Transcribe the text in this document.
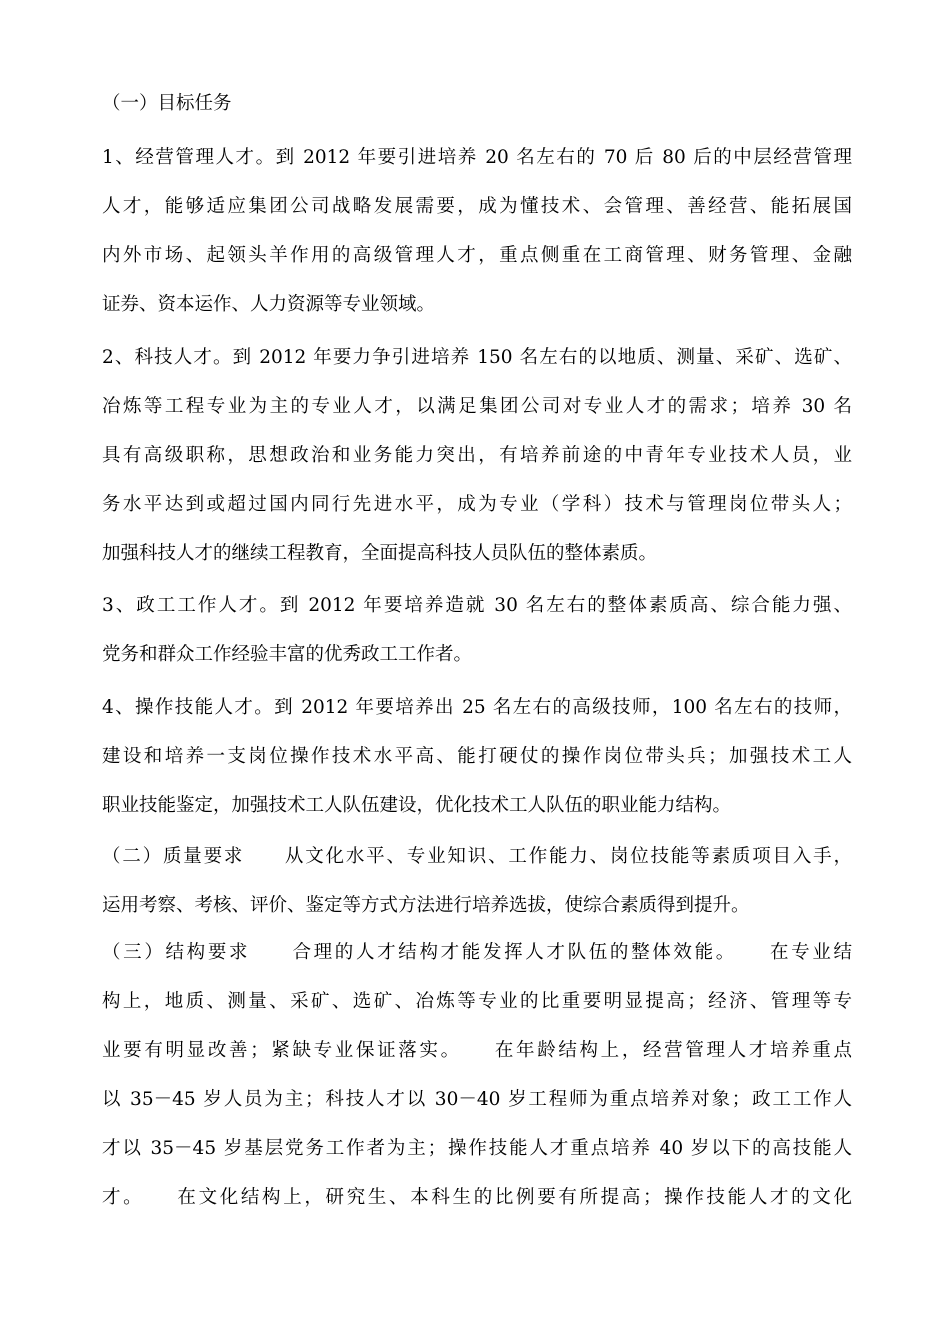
（一）目标任务

1、经营管理人才。到 2012 年要引进培养 20 名左右的 70 后 80 后的中层经营管理

人才，能够适应集团公司战略发展需要，成为懂技术、会管理、善经营、能拓展国

内外市场、起领头羊作用的高级管理人才，重点侧重在工商管理、财务管理、金融

证券、资本运作、人力资源等专业领域。

2、科技人才。到 2012 年要力争引进培养 150 名左右的以地质、测量、采矿、选矿、

冶炼等工程专业为主的专业人才，以满足集团公司对专业人才的需求；培养 30 名

具有高级职称，思想政治和业务能力突出，有培养前途的中青年专业技术人员，业

务水平达到或超过国内同行先进水平，成为专业（学科）技术与管理岗位带头人；

加强科技人才的继续工程教育，全面提高科技人员队伍的整体素质。

3、政工工作人才。到 2012 年要培养造就 30 名左右的整体素质高、综合能力强、

党务和群众工作经验丰富的优秀政工工作者。

4、操作技能人才。到 2012 年要培养出 25 名左右的高级技师，100 名左右的技师，

建设和培养一支岗位操作技术水平高、能打硬仗的操作岗位带头兵；加强技术工人

职业技能鉴定，加强技术工人队伍建设，优化技术工人队伍的职业能力结构。

（二）质量要求　　从文化水平、专业知识、工作能力、岗位技能等素质项目入手，

运用考察、考核、评价、鉴定等方式方法进行培养选拔，使综合素质得到提升。

（三）结构要求　　合理的人才结构才能发挥人才队伍的整体效能。　　在专业结

构上，地质、测量、采矿、选矿、冶炼等专业的比重要明显提高；经济、管理等专

业要有明显改善；紧缺专业保证落实。　　在年龄结构上，经营管理人才培养重点

以 35－45 岁人员为主；科技人才以 30－40 岁工程师为重点培养对象；政工工作人

才以 35－45 岁基层党务工作者为主；操作技能人才重点培养 40 岁以下的高技能人

才。　　在文化结构上，研究生、本科生的比例要有所提高；操作技能人才的文化
